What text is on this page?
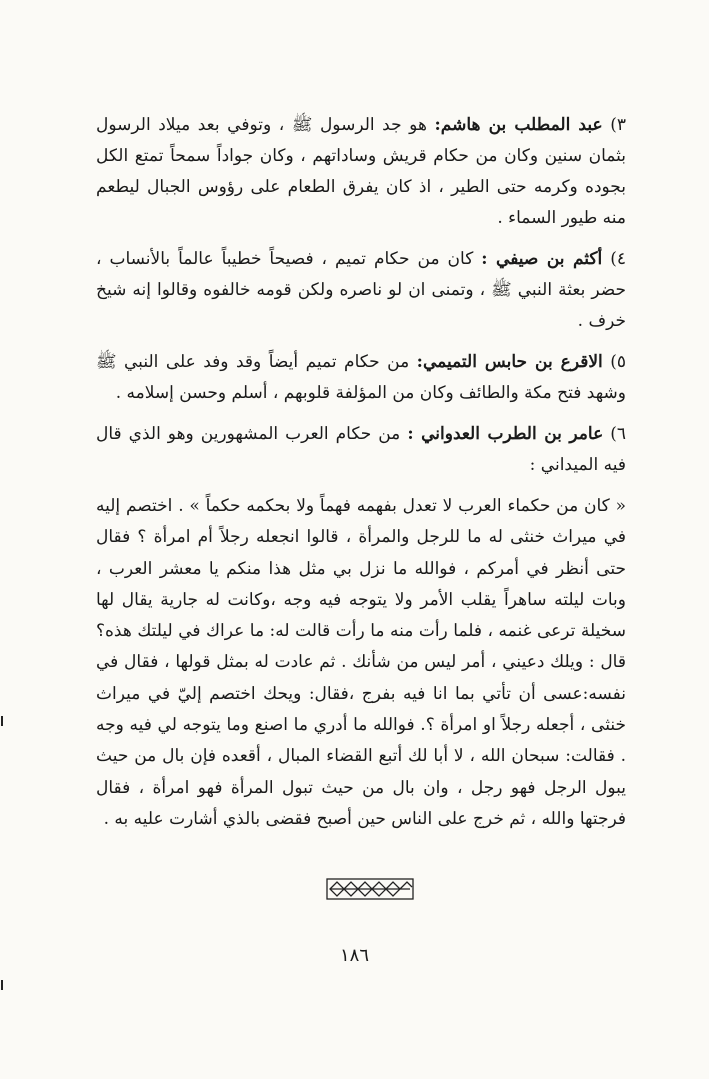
٣) عبد المطلب بن هاشم: هو جد الرسول ﷺ ، وتوفي بعد ميلاد الرسول بثمان سنين وكان من حكام قريش وساداتهم ، وكان جواداً سمحاً تمتع الكل بجوده وكرمه حتى الطير ، اذ كان يفرق الطعام على رؤوس الجبال ليطعم منه طيور السماء .

٤) أكثم بن صيفي : كان من حكام تميم ، فصيحاً خطيباً عالماً بالأنساب ، حضر بعثة النبي ﷺ ، وتمنى ان لو ناصره ولكن قومه خالفوه وقالوا إنه شيخ خرف .

٥) الاقرع بن حابس التميمي: من حكام تميم أيضاً وقد وفد على النبي ﷺ وشهد فتح مكة والطائف وكان من المؤلفة قلوبهم ، أسلم وحسن إسلامه .

٦) عامر بن الطرب العدواني : من حكام العرب المشهورين وهو الذي قال فيه الميداني :

« كان من حكماء العرب لا تعدل بفهمه فهماً ولا بحكمه حكماً » . اختصم إليه في ميراث خنثى له ما للرجل والمرأة ، قالوا انجعله رجلاً أم امرأة ؟ فقال حتى أنظر في أمركم ، فوالله ما نزل بي مثل هذا منكم يا معشر العرب ، وبات ليلته ساهراً يقلب الأمر ولا يتوجه فيه وجه ،وكانت له جارية يقال لها سخيلة ترعى غنمه ، فلما رأت منه ما رأت قالت له: ما عراك في ليلتك هذه؟ قال : ويلك دعيني ، أمر ليس من شأنك . ثم عادت له بمثل قولها ، فقال في نفسه:عسى أن تأتي بما انا فيه بفرج ،فقال: ويحك اختصم إليّ في ميراث خنثى ، أجعله رجلاً او امرأة ؟. فوالله ما أدري ما اصنع وما يتوجه لي فيه وجه . فقالت: سبحان الله ، لا أبا لك أتبع القضاء المبال ، أقعده فإن بال من حيث يبول الرجل فهو رجل ، وان بال من حيث تبول المرأة فهو امرأة ، فقال فرجتها والله ، ثم خرج على الناس حين أصبح فقضى بالذي أشارت عليه به .

١٨٦
